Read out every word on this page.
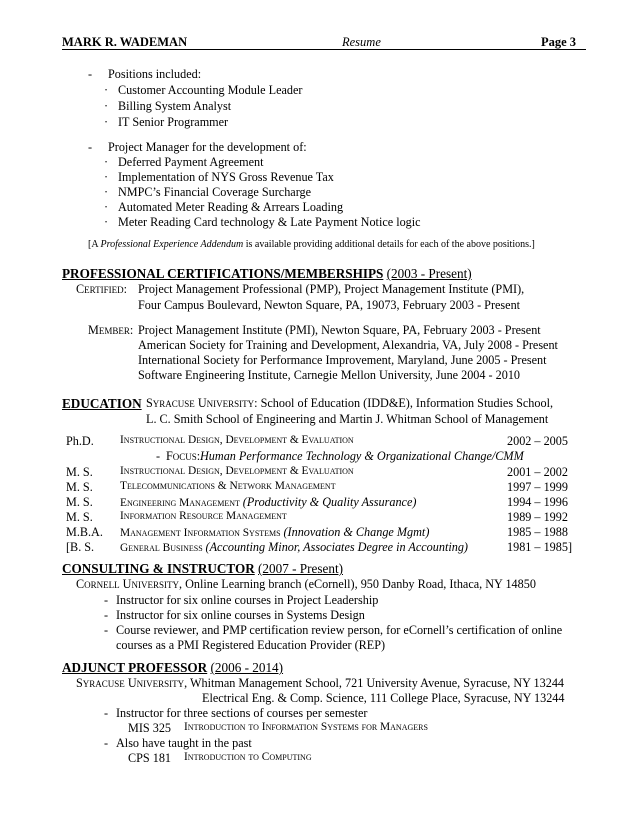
MARK R. WADEMAN	Resume	Page 3
- Positions included:
· Customer Accounting Module Leader
· Billing System Analyst
· IT Senior Programmer
- Project Manager for the development of:
· Deferred Payment Agreement
· Implementation of NYS Gross Revenue Tax
· NMPC’s Financial Coverage Surcharge
· Automated Meter Reading & Arrears Loading
· Meter Reading Card technology & Late Payment Notice logic
[A Professional Experience Addendum is available providing additional details for each of the above positions.]
PROFESSIONAL CERTIFICATIONS/MEMBERSHIPS (2003 - Present)
Certified: Project Management Professional (PMP), Project Management Institute (PMI),
Four Campus Boulevard, Newton Square, PA, 19073, February 2003 - Present
Member: Project Management Institute (PMI), Newton Square, PA, February 2003 - Present
American Society for Training and Development, Alexandria, VA, July 2008 - Present
International Society for Performance Improvement, Maryland, June 2005 - Present
Software Engineering Institute, Carnegie Mellon University, June 2004 - 2010
EDUCATION Syracuse University: School of Education (IDD&E), Information Studies School,
L. C. Smith School of Engineering and Martin J. Whitman School of Management
Ph.D. Instructional Design, Development & Evaluation	2002 – 2005
- Focus: Human Performance Technology & Organizational Change/CMM
M. S. Instructional Design, Development & Evaluation	2001 – 2002
M. S. Telecommunications & Network Management	1997 – 1999
M. S. Engineering Management (Productivity & Quality Assurance)	1994 – 1996
M. S. Information Resource Management	1989 – 1992
M.B.A. Management Information Systems (Innovation & Change Mgmt)	1985 – 1988
[B. S. General Business (Accounting Minor, Associates Degree in Accounting)	1981 – 1985]
CONSULTING & INSTRUCTOR (2007 - Present)
Cornell University, Online Learning branch (eCornell), 950 Danby Road, Ithaca, NY 14850
- Instructor for six online courses in Project Leadership
- Instructor for six online courses in Systems Design
- Course reviewer, and PMP certification review person, for eCornell’s certification of online
courses as a PMI Registered Education Provider (REP)
ADJUNCT PROFESSOR (2006 - 2014)
Syracuse University, Whitman Management School, 721 University Avenue, Syracuse, NY 13244
Electrical Eng. & Comp. Science, 111 College Place, Syracuse, NY 13244
- Instructor for three sections of courses per semester
MIS 325 Introduction to Information Systems for Managers
- Also have taught in the past
CPS 181 Introduction to Computing
